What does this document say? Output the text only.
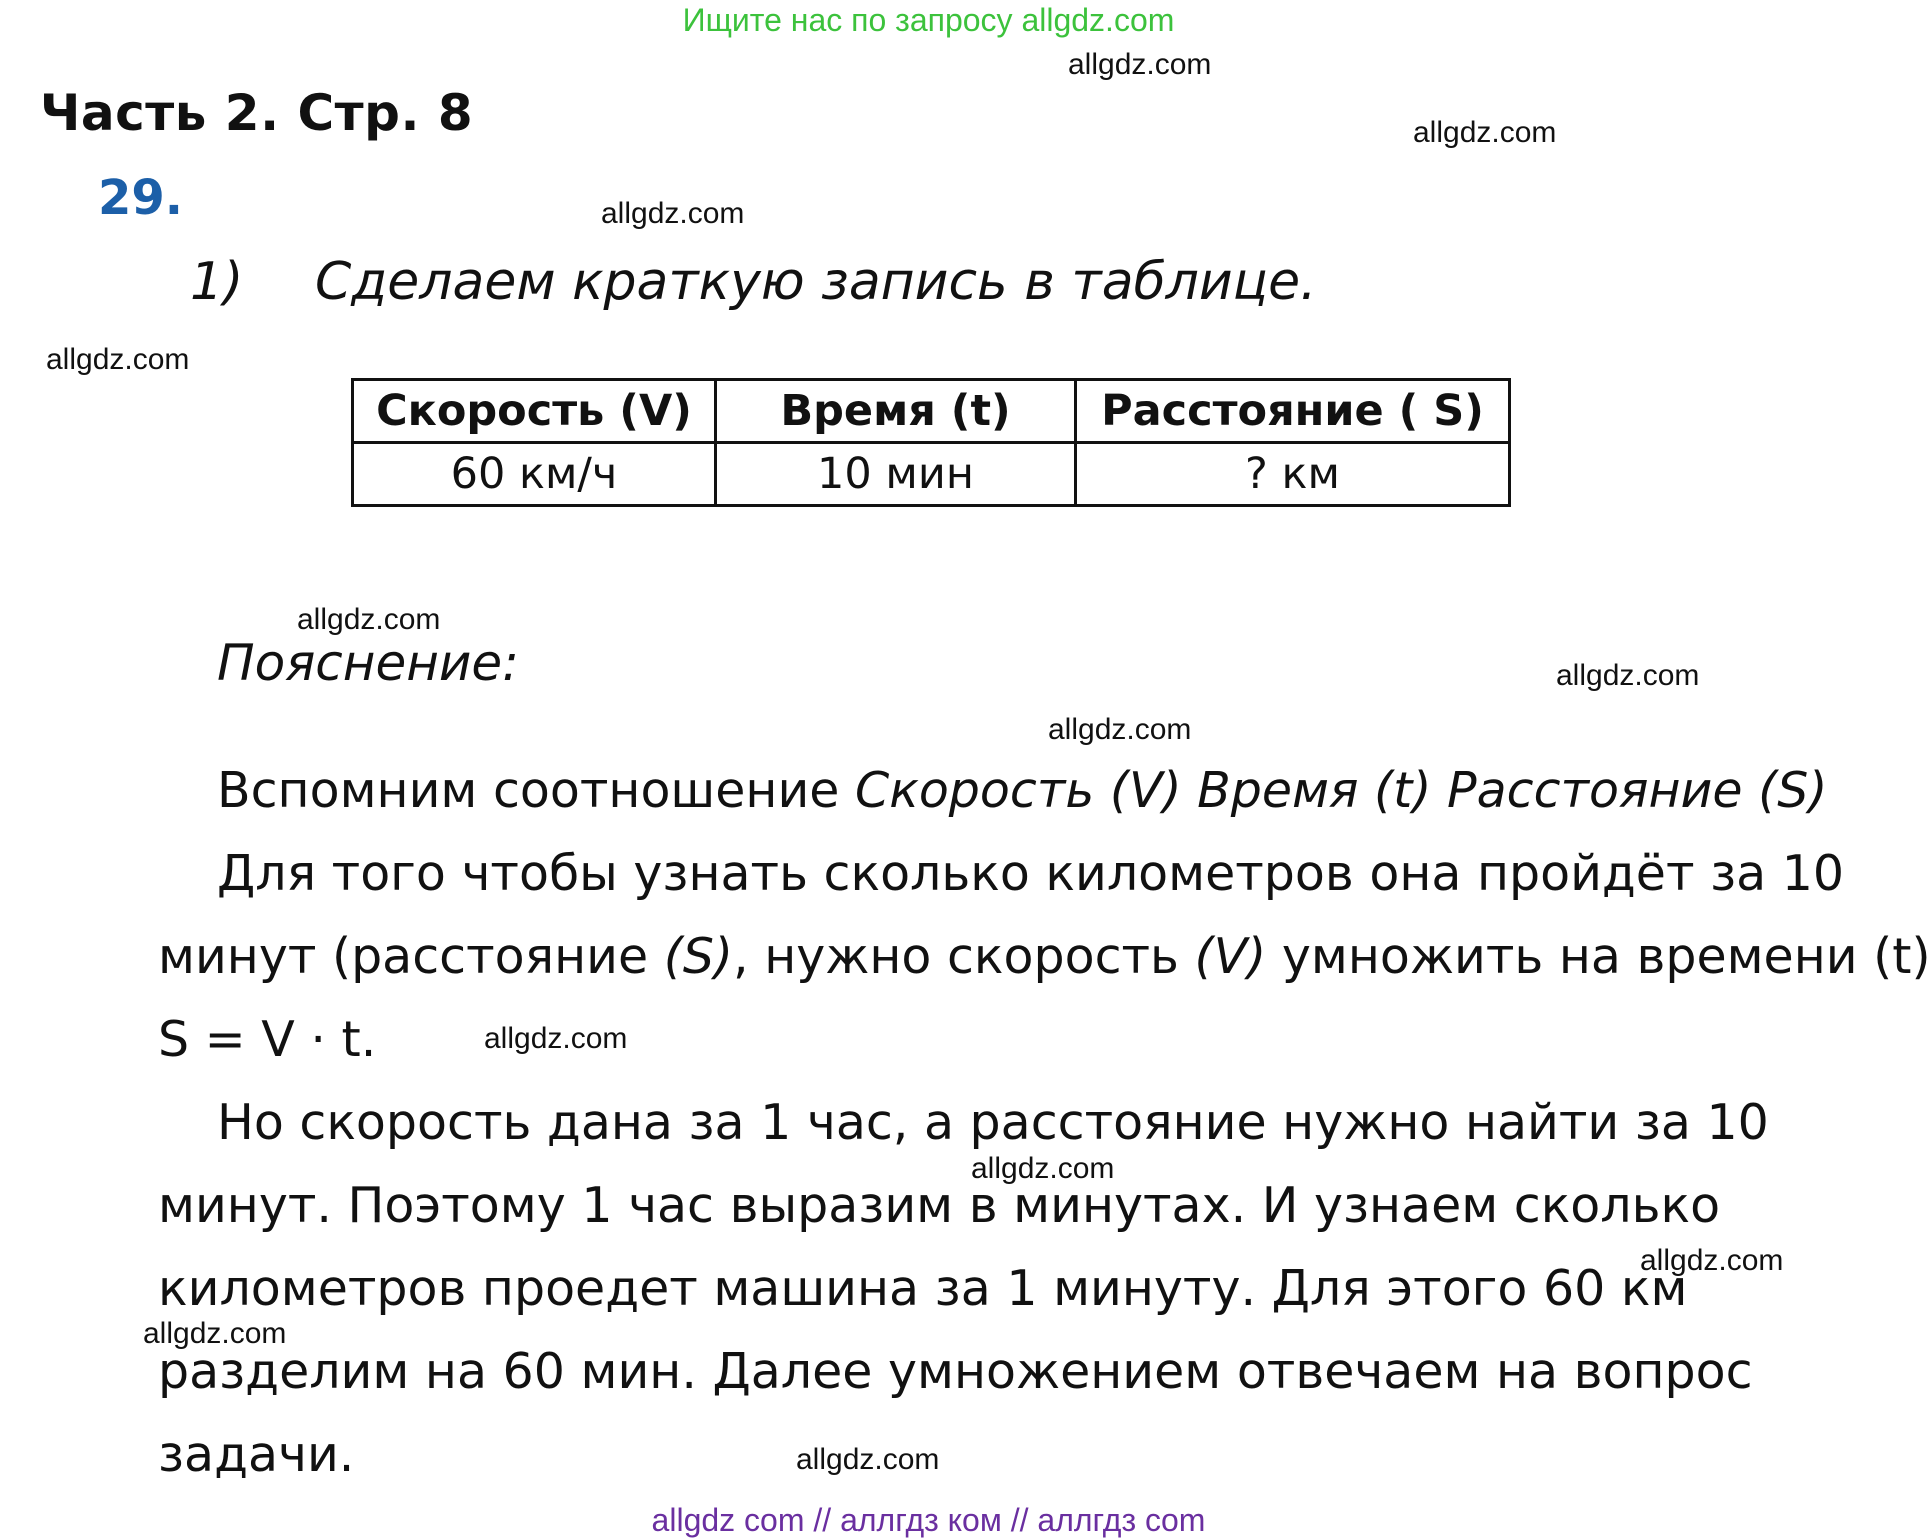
Ищите нас по запросу allgdz.com
allgdz.com
allgdz.com
allgdz.com
allgdz.com
allgdz.com
allgdz.com
allgdz.com
allgdz.com
allgdz.com
allgdz.com
allgdz.com
allgdz.com
Часть 2. Стр. 8
29.
1) Сделаем краткую запись в таблице.
Скорость (V)	Время (t)	Расстояние ( S)
60 км/ч	10 мин	? км
Пояснение:
Вспомним соотношение Скорость (V) Время (t) Расстояние (S)
Для того чтобы узнать сколько километров она пройдёт за 10
минут (расстояние (S), нужно скорость (V) умножить на времени (t)
S = V · t.
Но скорость дана за 1 час, а расстояние нужно найти за 10
минут. Поэтому 1 час выразим в минутах. И узнаем сколько
километров проедет машина за 1 минуту. Для этого 60 км
разделим на 60 мин. Далее умножением отвечаем на вопрос
задачи.
allgdz com // аллгдз ком // аллгдз com
